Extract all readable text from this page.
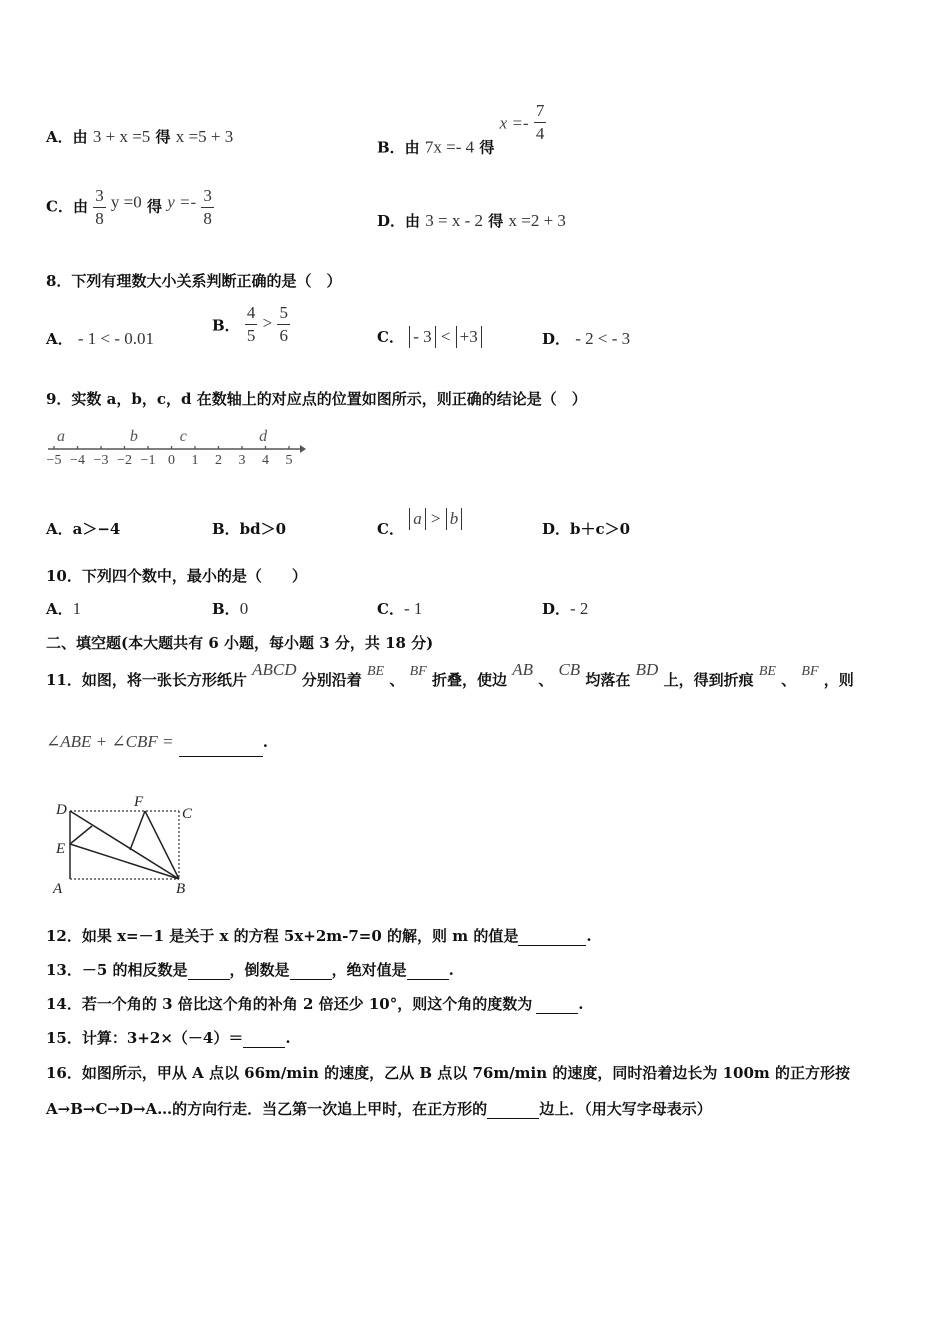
A．由 3 + x =5 得 x =5 + 3
B．由 7x =- 4 得 $x =- \frac{7}{4}$
C．由 $\frac{3}{8}$ y =0 得 $y =- \frac{3}{8}$	D．由 3 = x - 2 得 x =2 + 3
8．下列有理数大小关系判断正确的是（　）
A． - 1 < - 0.01
B． $\frac{4}{5} > \frac{5}{6}$	C． - 3 < +3	D． - 2 < - 3
9．实数 a，b，c，d 在数轴上的对应点的位置如图所示，则正确的结论是（　）
−5 −4 −3 −2 −1 0 1 2 3 4 5
a	b	c	d
A．a＞−4	B．bd＞0	C． a > b
D．b＋c＞0
10．下列四个数中，最小的是（　　）
A．1	B．0	C．- 1	D．- 2
二、填空题(本大题共有 6 小题，每小题 3 分，共 18 分)
11．如图，将一张长方形纸片 ABCD 分别沿着 BE 、 BF 折叠，使边 AB 、 CB 均落在 BD 上，得到折痕 BE 、 BF ，则
∠ABE + ∠CBF =	.
D	F
C
E
A	B
12．如果 x=－1 是关于 x 的方程 5x+2m-7=0 的解，则 m 的值是	.
13．－5 的相反数是	，倒数是	，绝对值是	.
14．若一个角的 3 倍比这个角的补角 2 倍还少 10°，则这个角的度数为	.
15．计算：3+2×（－4）＝	.
16．如图所示，甲从 A 点以 66m/min 的速度，乙从 B 点以 76m/min 的速度，同时沿着边长为 100m 的正方形按
A→B→C→D→A…的方向行走．当乙第一次追上甲时，在正方形的	边上．（用大写字母表示）
